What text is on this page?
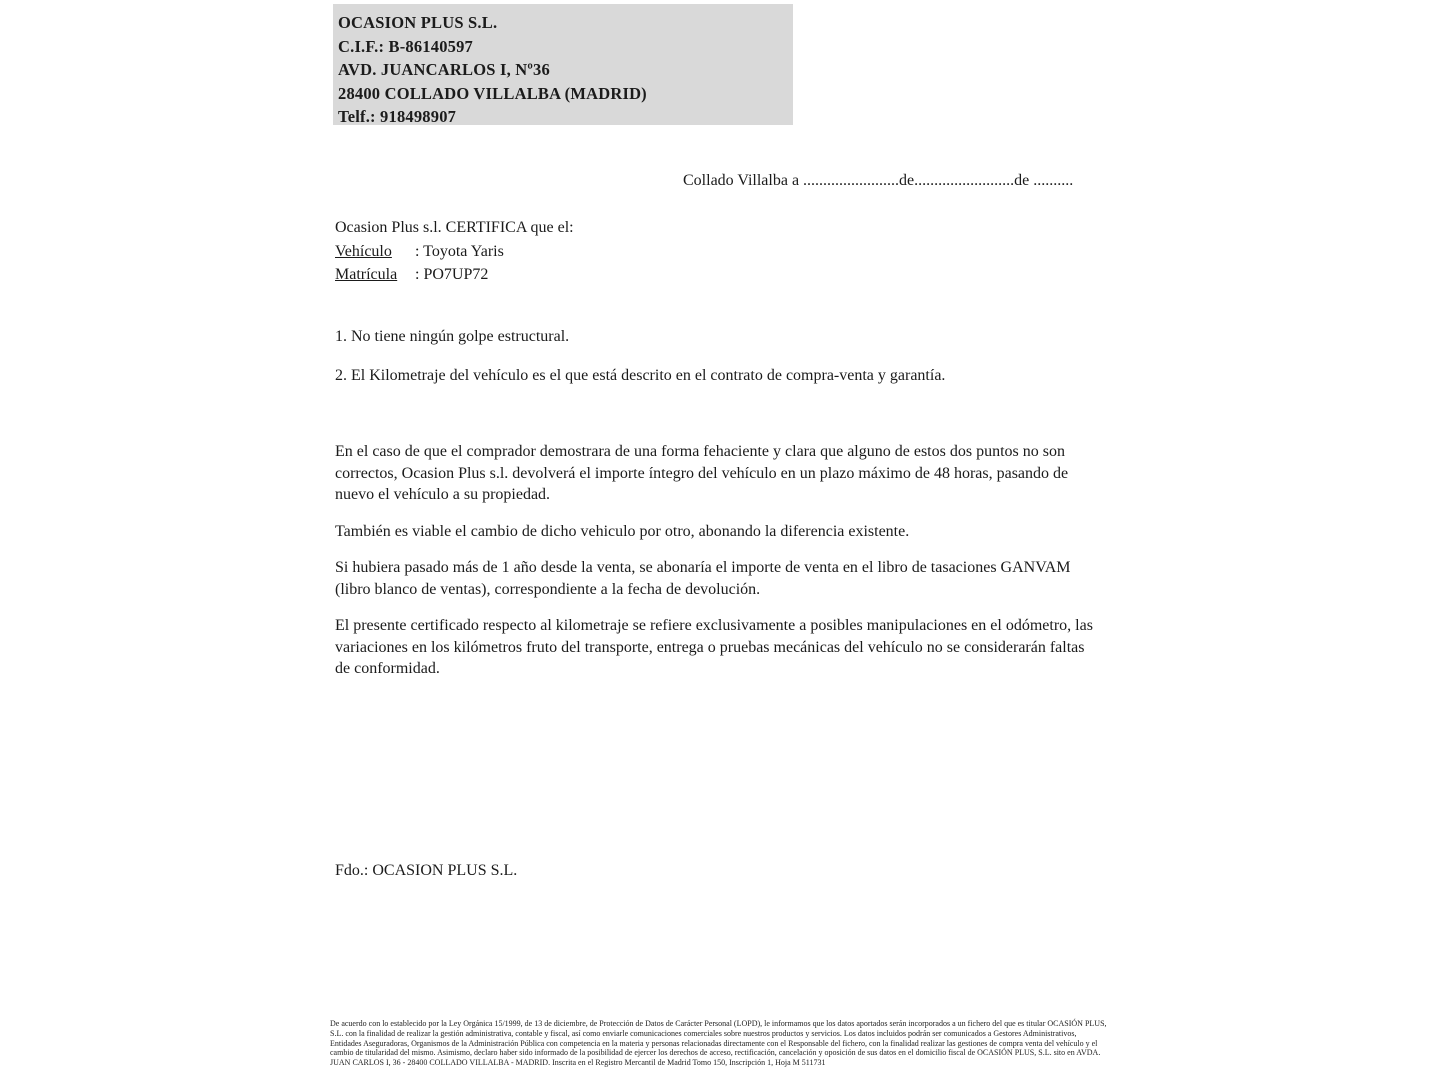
OCASION PLUS S.L.
C.I.F.: B-86140597
AVD. JUANCARLOS I, Nº36
28400 COLLADO VILLALBA (MADRID)
Telf.: 918498907
Collado Villalba a ........................de.........................de ..........
Ocasion Plus s.l. CERTIFICA que el:
Vehículo : Toyota Yaris
Matrícula : PO7UP72
1. No tiene ningún golpe estructural.
2. El Kilometraje del vehículo es el que está descrito en el contrato de compra-venta y garantía.

En el caso de que el comprador demostrara de una forma fehaciente y clara que alguno de estos dos puntos no son correctos, Ocasion Plus s.l. devolverá el importe íntegro del vehículo en un plazo máximo de 48 horas, pasando de nuevo el vehículo a su propiedad.

También es viable el cambio de dicho vehiculo por otro, abonando la diferencia existente.

Si hubiera pasado más de 1 año desde la venta, se abonaría el importe de venta en el libro de tasaciones GANVAM (libro blanco de ventas), correspondiente a la fecha de devolución.

El presente certificado respecto al kilometraje se refiere exclusivamente a posibles manipulaciones en el odómetro, las variaciones en los kilómetros fruto del transporte, entrega o pruebas mecánicas del vehículo no se considerarán faltas de conformidad.

Fdo.: OCASION PLUS S.L.
De acuerdo con lo establecido por la Ley Orgánica 15/1999, de 13 de diciembre, de Protección de Datos de Carácter Personal (LOPD), le informamos que los datos aportados serán incorporados a un fichero del que es titular OCASIÓN PLUS, S.L. con la finalidad de realizar la gestión administrativa, contable y fiscal, así como enviarle comunicaciones comerciales sobre nuestros productos y servicios. Los datos incluidos podrán ser comunicados a Gestores Administrativos, Entidades Aseguradoras, Organismos de la Administración Pública con competencia en la materia y personas relacionadas directamente con el Responsable del fichero, con la finalidad realizar las gestiones de compra venta del vehículo y el cambio de titularidad del mismo. Asimismo, declaro haber sido informado de la posibilidad de ejercer los derechos de acceso, rectificación, cancelación y oposición de sus datos en el domicilio fiscal de OCASIÓN PLUS, S.L. sito en AVDA. JUAN CARLOS I, 36 - 28400 COLLADO VILLALBA - MADRID. Inscrita en el Registro Mercantil de Madrid Tomo 150, Inscripción 1, Hoja M 511731
